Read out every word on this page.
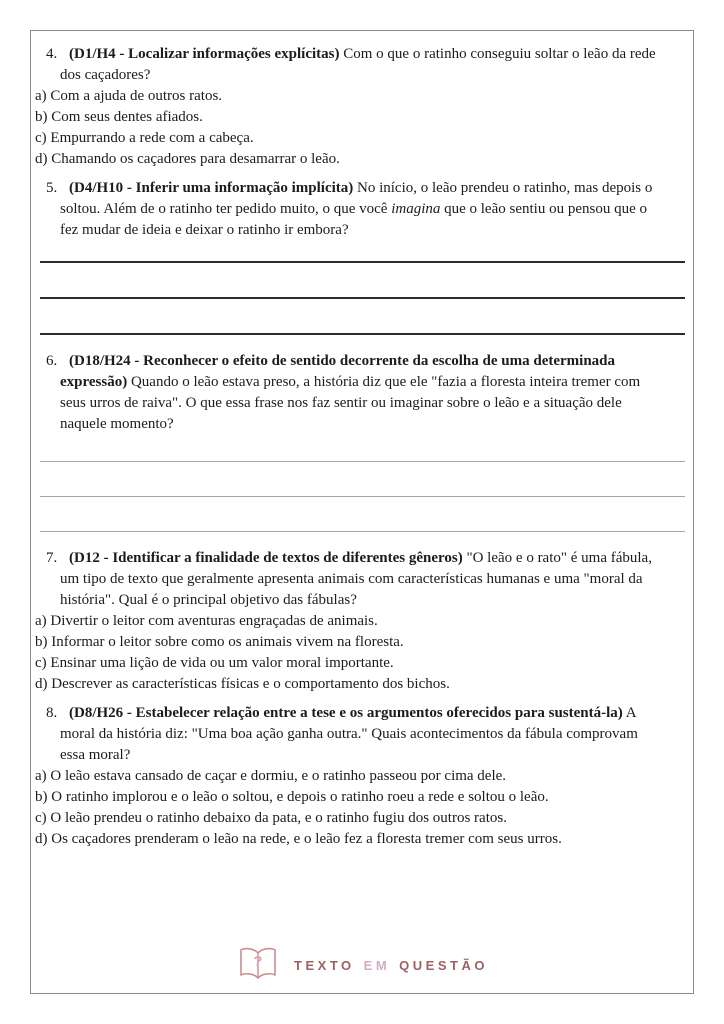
4. (D1/H4 - Localizar informações explícitas) Com o que o ratinho conseguiu soltar o leão da rede dos caçadores?
a) Com a ajuda de outros ratos.
b) Com seus dentes afiados.
c) Empurrando a rede com a cabeça.
d) Chamando os caçadores para desamarrar o leão.
5. (D4/H10 - Inferir uma informação implícita) No início, o leão prendeu o ratinho, mas depois o soltou. Além de o ratinho ter pedido muito, o que você imagina que o leão sentiu ou pensou que o fez mudar de ideia e deixar o ratinho ir embora?
6. (D18/H24 - Reconhecer o efeito de sentido decorrente da escolha de uma determinada expressão) Quando o leão estava preso, a história diz que ele "fazia a floresta inteira tremer com seus urros de raiva". O que essa frase nos faz sentir ou imaginar sobre o leão e a situação dele naquele momento?
7. (D12 - Identificar a finalidade de textos de diferentes gêneros) "O leão e o rato" é uma fábula, um tipo de texto que geralmente apresenta animais com características humanas e uma "moral da história". Qual é o principal objetivo das fábulas?
a) Divertir o leitor com aventuras engraçadas de animais.
b) Informar o leitor sobre como os animais vivem na floresta.
c) Ensinar uma lição de vida ou um valor moral importante.
d) Descrever as características físicas e o comportamento dos bichos.
8. (D8/H26 - Estabelecer relação entre a tese e os argumentos oferecidos para sustentá-la) A moral da história diz: "Uma boa ação ganha outra." Quais acontecimentos da fábula comprovam essa moral?
a) O leão estava cansado de caçar e dormiu, e o ratinho passeou por cima dele.
b) O ratinho implorou e o leão o soltou, e depois o ratinho roeu a rede e soltou o leão.
c) O leão prendeu o ratinho debaixo da pata, e o ratinho fugiu dos outros ratos.
d) Os caçadores prenderam o leão na rede, e o leão fez a floresta tremer com seus urros.
? TEXTO EM QUESTÃO
